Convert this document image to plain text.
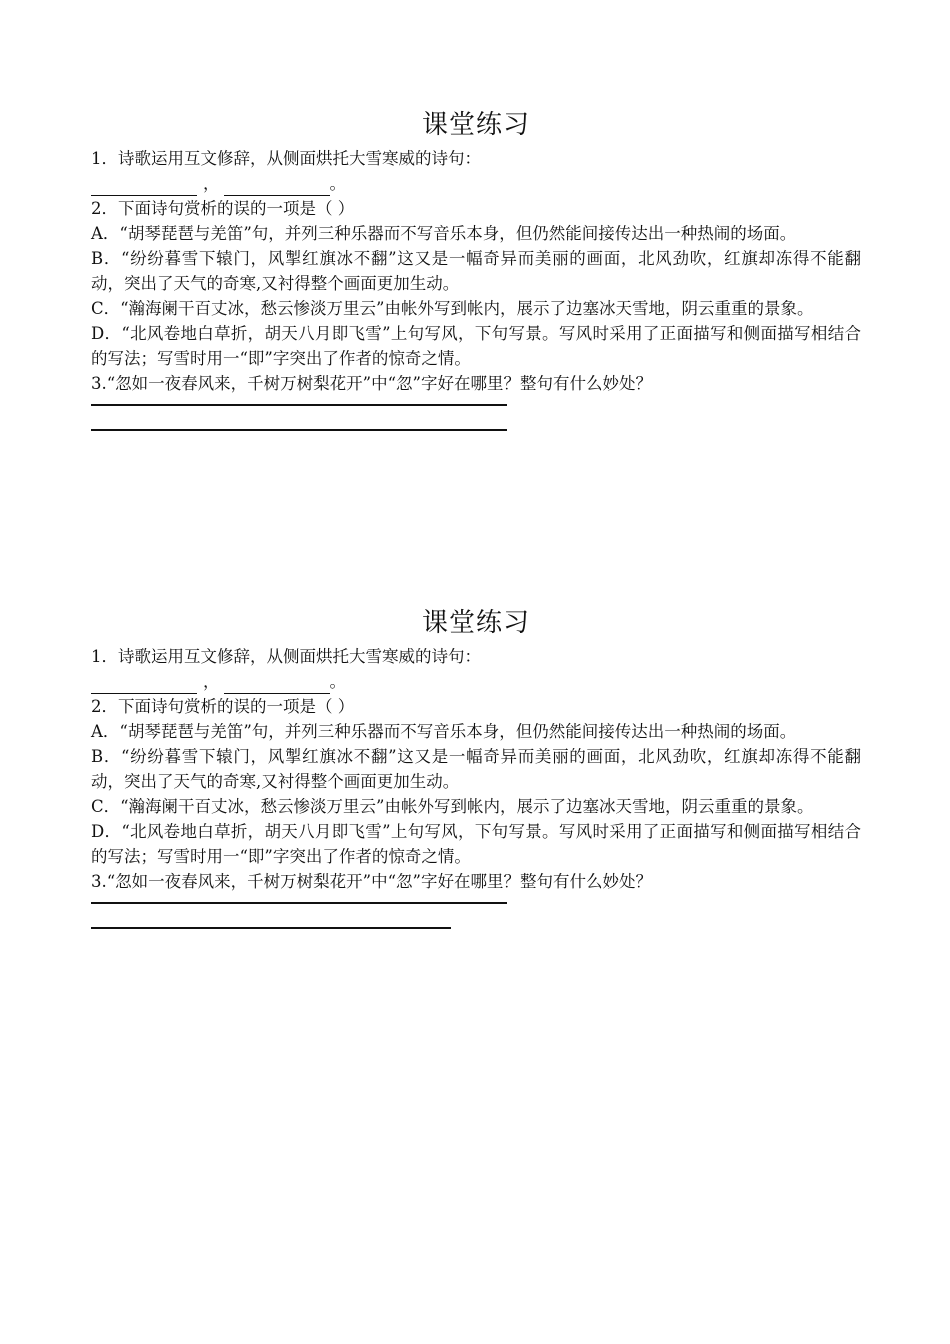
课堂练习
1．诗歌运用互文修辞，从侧面烘托大雪寒威的诗句：
，	。
2．下面诗句赏析的误的一项是（ ）
A．“胡琴琵琶与羌笛”句，并列三种乐器而不写音乐本身，但仍然能间接传达出一种热闹的场面。
B．“纷纷暮雪下辕门，风掣红旗冰不翻”这又是一幅奇异而美丽的画面，北风劲吹，红旗却冻得不能翻动，突出了天气的奇寒,又衬得整个画面更加生动。
C．“瀚海阑干百丈冰，愁云惨淡万里云”由帐外写到帐内，展示了边塞冰天雪地，阴云重重的景象。
D．“北风卷地白草折，胡天八月即飞雪”上句写风，下句写景。写风时采用了正面描写和侧面描写相结合的写法；写雪时用一“即”字突出了作者的惊奇之情。
3.“忽如一夜春风来，千树万树梨花开”中“忽”字好在哪里？整句有什么妙处？
课堂练习
1．诗歌运用互文修辞，从侧面烘托大雪寒威的诗句：
，	。
2．下面诗句赏析的误的一项是（ ）
A．“胡琴琵琶与羌笛”句，并列三种乐器而不写音乐本身，但仍然能间接传达出一种热闹的场面。
B．“纷纷暮雪下辕门，风掣红旗冰不翻”这又是一幅奇异而美丽的画面，北风劲吹，红旗却冻得不能翻动，突出了天气的奇寒,又衬得整个画面更加生动。
C．“瀚海阑干百丈冰，愁云惨淡万里云”由帐外写到帐内，展示了边塞冰天雪地，阴云重重的景象。
D．“北风卷地白草折，胡天八月即飞雪”上句写风，下句写景。写风时采用了正面描写和侧面描写相结合的写法；写雪时用一“即”字突出了作者的惊奇之情。
3.“忽如一夜春风来，千树万树梨花开”中“忽”字好在哪里？整句有什么妙处？
